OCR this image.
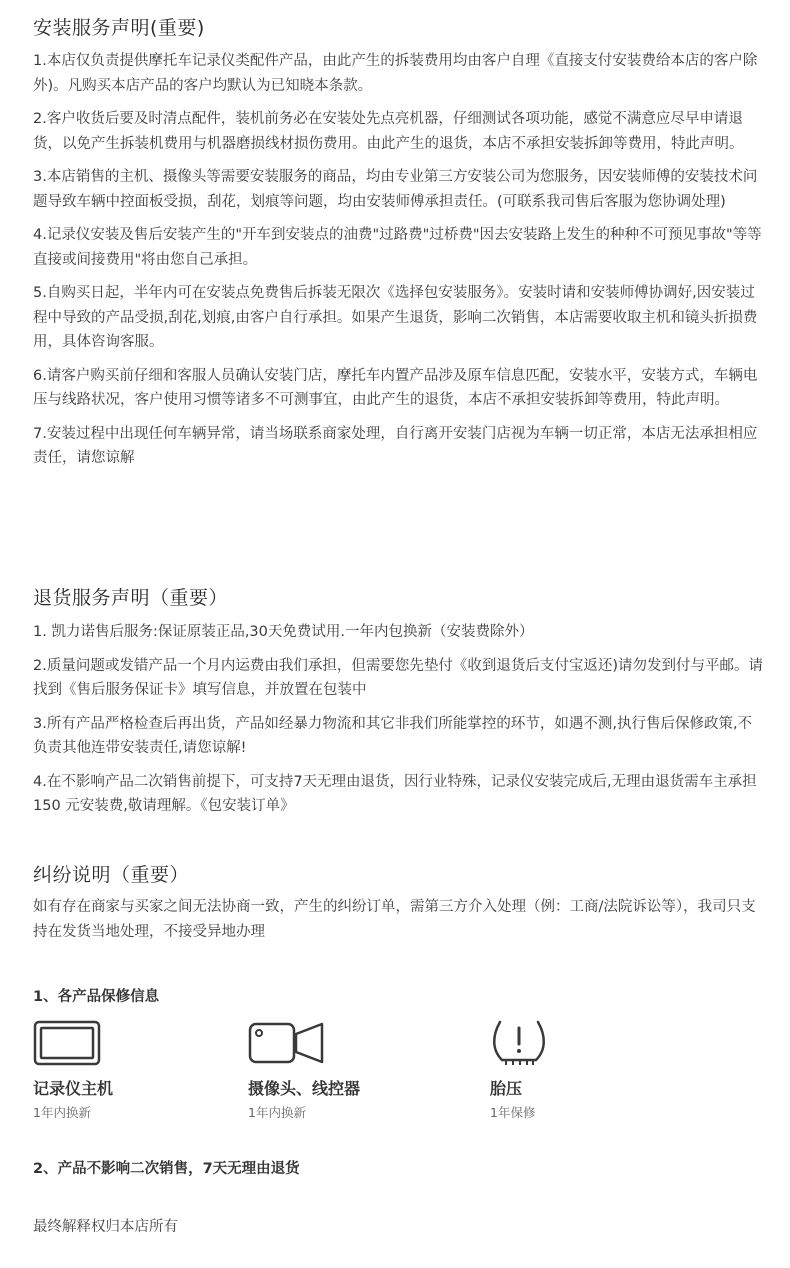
安装服务声明(重要)

1.本店仅负责提供摩托车记录仪类配件产品，由此产生的拆装费用均由客户自理《直接支付安装费给本店的客户除外)。凡购买本店产品的客户均默认为已知晓本条款。

2.客户收货后要及时清点配件，装机前务必在安装处先点亮机器，仔细测试各项功能，感觉不满意应尽早申请退货，以免产生拆装机费用与机器磨损线材损伤费用。由此产生的退货，本店不承担安装拆卸等费用，特此声明。

3.本店销售的主机、摄像头等需要安装服务的商品，均由专业第三方安装公司为您服务，因安装师傅的安装技术问题导致车辆中控面板受损，刮花，划痕等问题，均由安装师傅承担责任。(可联系我司售后客服为您协调处理)

4.记录仪安装及售后安装产生的"开车到安装点的油费"过路费"过桥费"因去安装路上发生的种种不可预见事故"等等直接或间接费用"将由您自己承担。

5.自购买日起，半年内可在安装点免费售后拆装无限次《选择包安装服务》。安装时请和安装师傅协调好,因安装过程中导致的产品受损,刮花,划痕,由客户自行承担。如果产生退货，影响二次销售，本店需要收取主机和镜头折损费用，具体咨询客服。

6.请客户购买前仔细和客服人员确认安装门店，摩托车内置产品涉及原车信息匹配，安装水平，安装方式，车辆电压与线路状况，客户使用习惯等诸多不可测事宜，由此产生的退货，本店不承担安装拆卸等费用，特此声明。

7.安装过程中出现任何车辆异常，请当场联系商家处理，自行离开安装门店视为车辆一切正常，本店无法承担相应责任，请您谅解

退货服务声明（重要）

1. 凯力诺售后服务:保证原装正品,30天免费试用.一年内包换新（安装费除外）

2.质量问题或发错产品一个月内运费由我们承担，但需要您先垫付《收到退货后支付宝返还)请勿发到付与平邮。请找到《售后服务保证卡》填写信息，并放置在包装中

3.所有产品严格检查后再出货，产品如经暴力物流和其它非我们所能掌控的环节，如遇不测,执行售后保修政策,不负责其他连带安装责任,请您谅解!

4.在不影响产品二次销售前提下，可支持7天无理由退货，因行业特殊，记录仪安装完成后,无理由退货需车主承担 150 元安装费,敬请理解。《包安装订单》

纠纷说明（重要）

如有存在商家与买家之间无法协商一致，产生的纠纷订单，需第三方介入处理（例：工商/法院诉讼等），我司只支持在发货当地处理，不接受异地办理

1、各产品保修信息
记录仪主机
1年内换新
摄像头、线控器
1年内换新
胎压
1年保修
2、产品不影响二次销售，7天无理由退货
最终解释权归本店所有
